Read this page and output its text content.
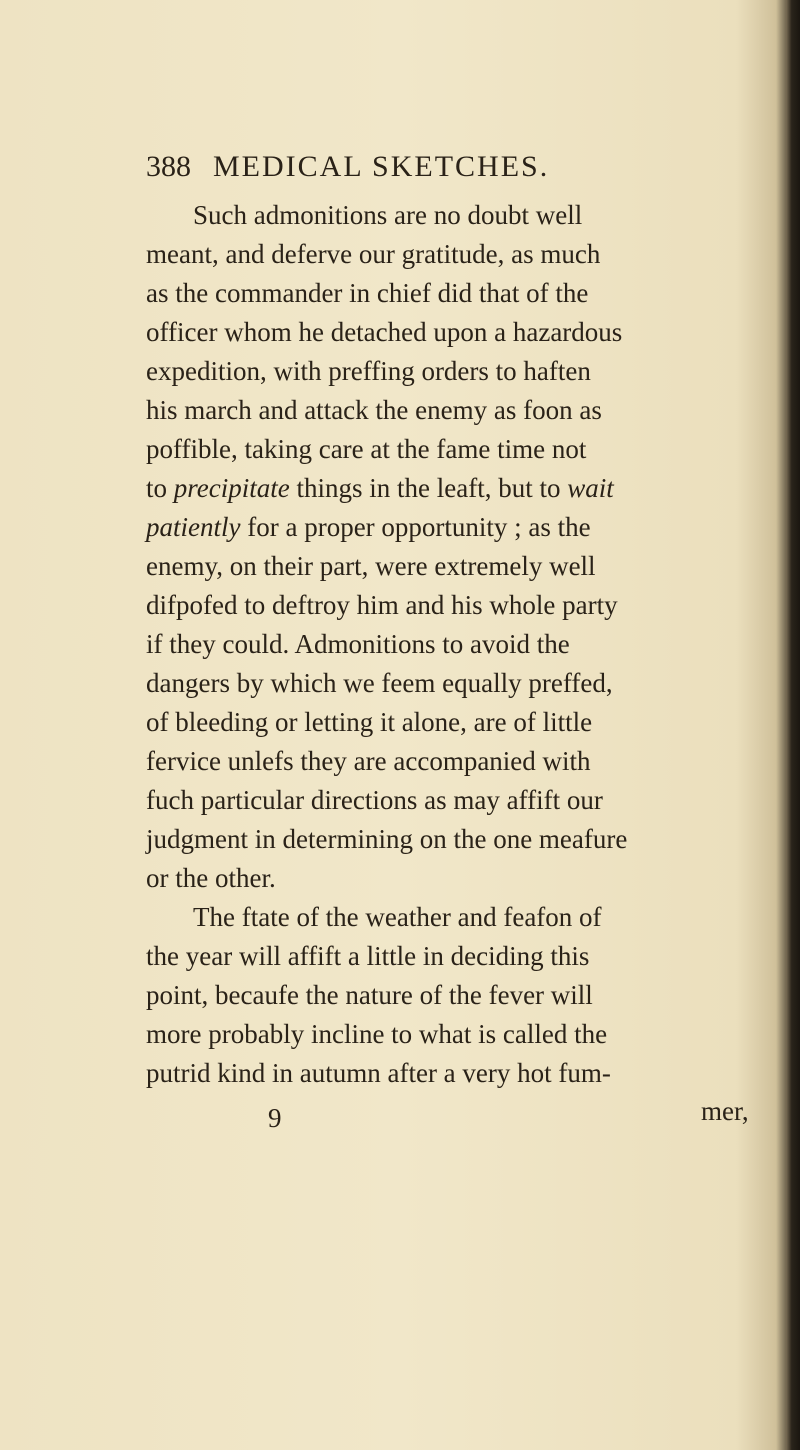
388 MEDICAL SKETCHES.
Such admonitions are no doubt well
meant, and deferve our gratitude, as much
as the commander in chief did that of the
officer whom he detached upon a hazardous
expedition, with preffing orders to haften
his march and attack the enemy as foon as
poffible, taking care at the fame time not
to precipitate things in the leaft, but to wait
patiently for a proper opportunity ; as the
enemy, on their part, were extremely well
difpofed to deftroy him and his whole party
if they could. Admonitions to avoid the
dangers by which we feem equally preffed,
of bleeding or letting it alone, are of little
fervice unlefs they are accompanied with
fuch particular directions as may affift our
judgment in determining on the one meafure
or the other.
The ftate of the weather and feafon of
the year will affift a little in deciding this
point, becaufe the nature of the fever will
more probably incline to what is called the
putrid kind in autumn after a very hot fum-
9	mer,
